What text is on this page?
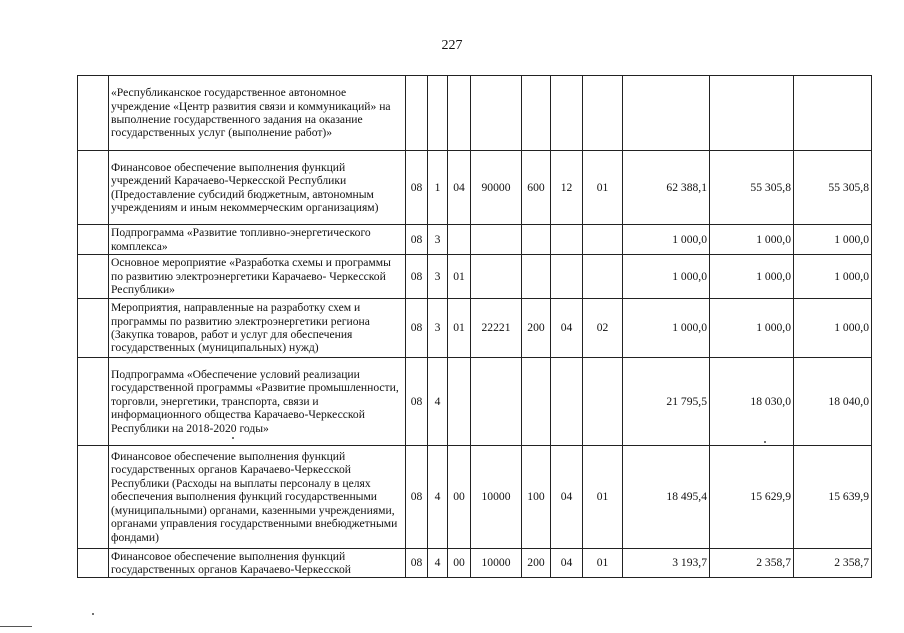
227
	«Республиканское государственное автономное учреждение «Центр развития связи и коммуникаций» на выполнение государственного задания на оказание государственных услуг (выполнение работ)»										
	Финансовое обеспечение выполнения функций учреждений Карачаево-Черкесской Республики (Предоставление субсидий бюджетным, автономным учреждениям и иным некоммерческим организациям)	08	1	04	90000	600	12	01	62 388,1	55 305,8	55 305,8
	Подпрограмма «Развитие топливно-энергетического комплекса»	08	3						1 000,0	1 000,0	1 000,0
	Основное мероприятие «Разработка схемы и программы по развитию электроэнергетики Карачаево- Черкесской Республики»	08	3	01					1 000,0	1 000,0	1 000,0
	Мероприятия, направленные на разработку схем и программы по развитию электроэнергетики региона (Закупка товаров, работ и услуг для обеспечения государственных (муниципальных) нужд)	08	3	01	22221	200	04	02	1 000,0	1 000,0	1 000,0
	Подпрограмма «Обеспечение условий реализации государственной программы «Развитие промышленности, торговли, энергетики, транспорта, связи и информационного общества Карачаево-Черкесской Республики на 2018-2020 годы»	08	4						21 795,5	18 030,0	18 040,0
	Финансовое обеспечение выполнения функций государственных органов Карачаево-Черкесской Республики (Расходы на выплаты персоналу в целях обеспечения выполнения функций государственными (муниципальными) органами, казенными учреждениями, органами управления государственными внебюджетными фондами)	08	4	00	10000	100	04	01	18 495,4	15 629,9	15 639,9
	Финансовое обеспечение выполнения функций государственных органов Карачаево-Черкесской	08	4	00	10000	200	04	01	3 193,7	2 358,7	2 358,7
